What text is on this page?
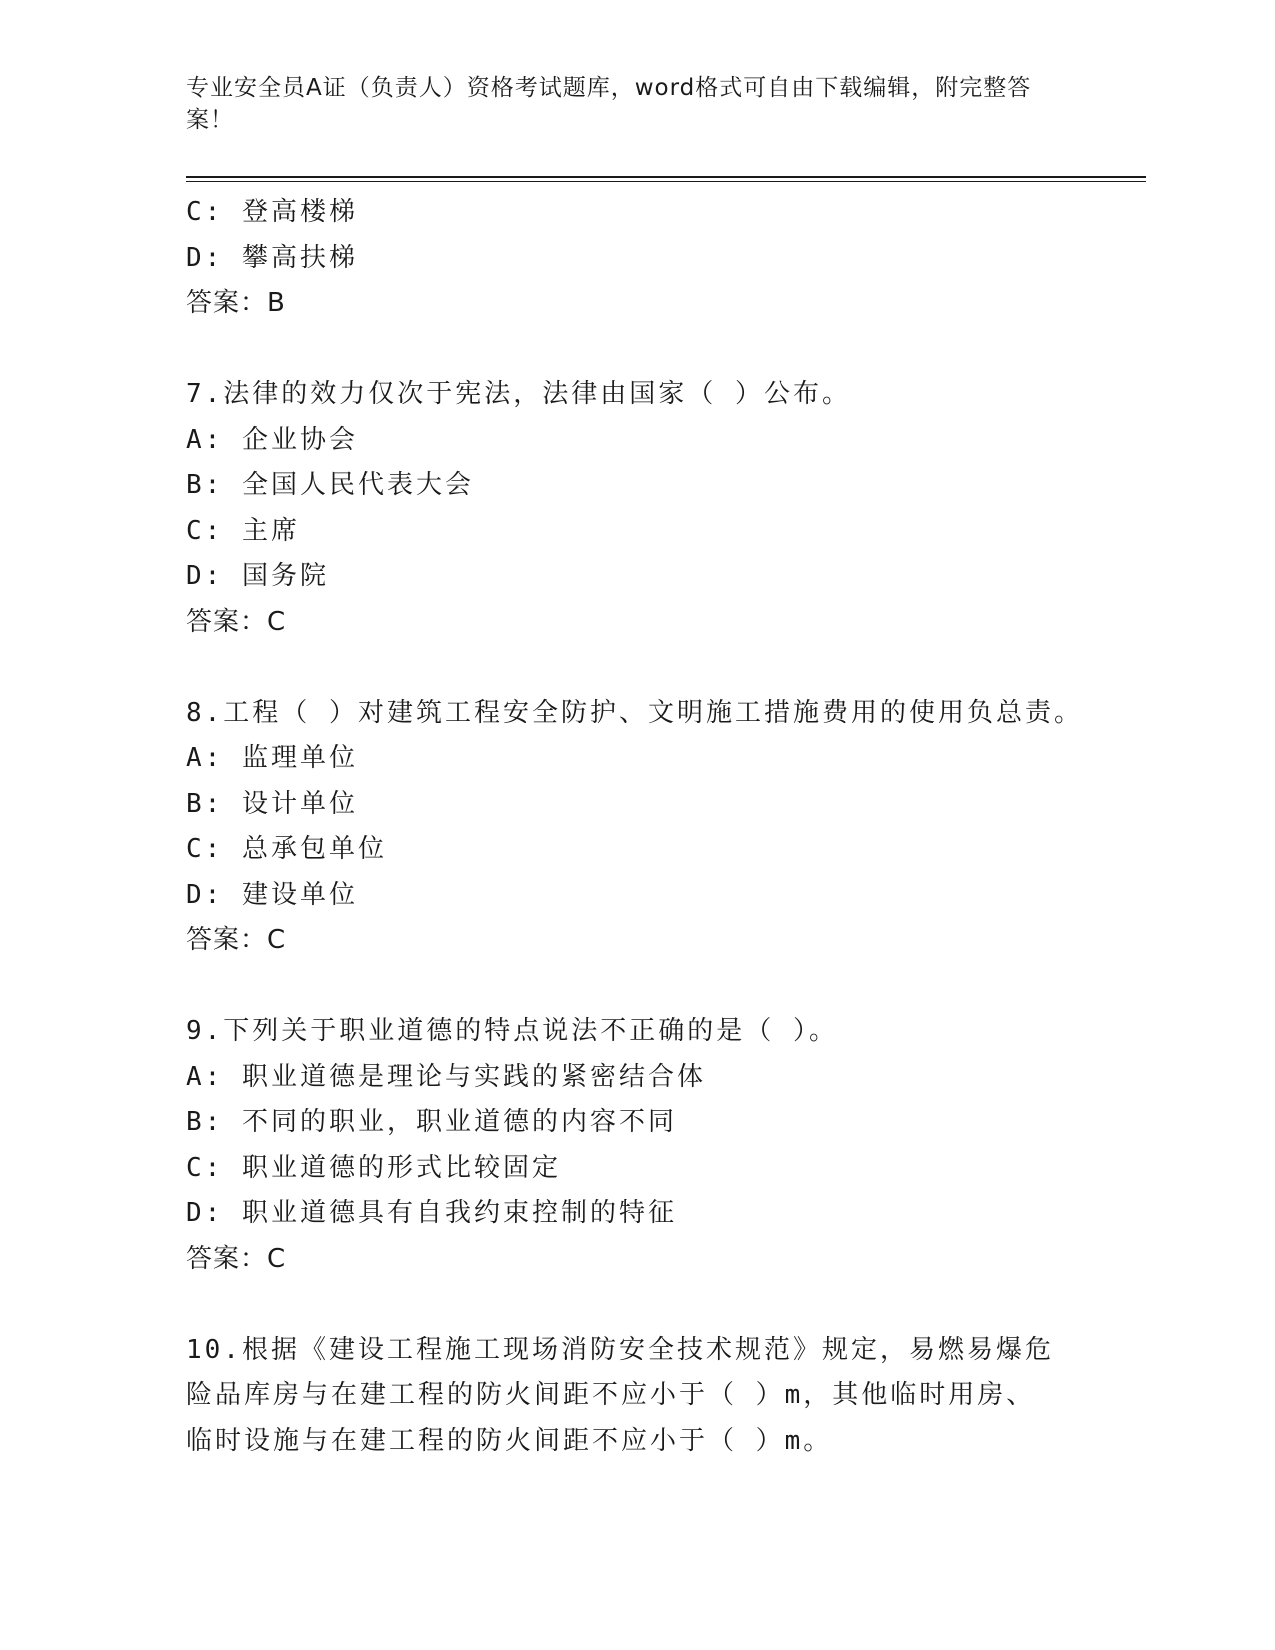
专业安全员A证（负责人）资格考试题库，word格式可自由下载编辑，附完整答案！
C: 登高楼梯
D: 攀高扶梯
答案：B
7.法律的效力仅次于宪法，法律由国家（ ）公布。
A: 企业协会
B: 全国人民代表大会
C: 主席
D: 国务院
答案：C
8.工程（ ）对建筑工程安全防护、文明施工措施费用的使用负总责。
A: 监理单位
B: 设计单位
C: 总承包单位
D: 建设单位
答案：C
9.下列关于职业道德的特点说法不正确的是（ ）。
A: 职业道德是理论与实践的紧密结合体
B: 不同的职业，职业道德的内容不同
C: 职业道德的形式比较固定
D: 职业道德具有自我约束控制的特征
答案：C
10.根据《建设工程施工现场消防安全技术规范》规定，易燃易爆危险品库房与在建工程的防火间距不应小于（ ）m，其他临时用房、临时设施与在建工程的防火间距不应小于（ ）m。
